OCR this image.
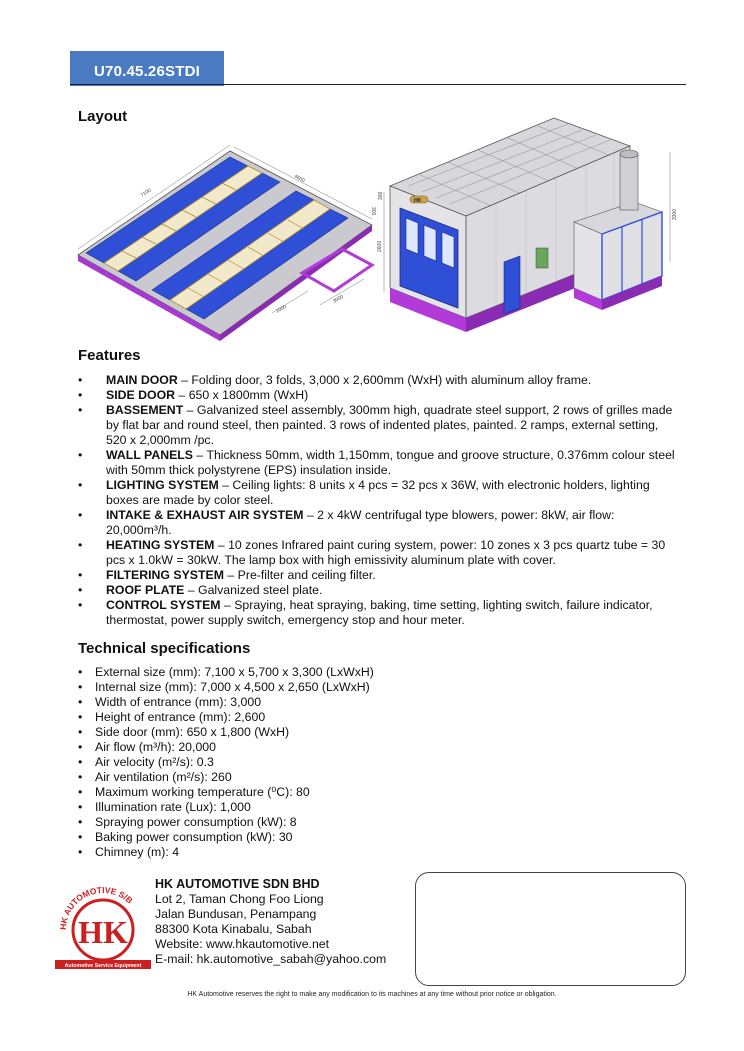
U70.45.26STDI
Layout
7100
4600
1000
3000
300
HK
2600
3300
300
Features
• MAIN DOOR – Folding door, 3 folds, 3,000 x 2,600mm (WxH) with aluminum alloy frame.
• SIDE DOOR – 650 x 1800mm (WxH)
• BASSEMENT – Galvanized steel assembly, 300mm high, quadrate steel support, 2 rows of grilles made by flat bar and round steel, then painted. 3 rows of indented plates, painted. 2 ramps, external setting, 520 x 2,000mm /pc.
• WALL PANELS – Thickness 50mm, width 1,150mm, tongue and groove structure, 0.376mm colour steel with 50mm thick polystyrene (EPS) insulation inside.
• LIGHTING SYSTEM – Ceiling lights: 8 units x 4 pcs = 32 pcs x 36W, with electronic holders, lighting boxes are made by color steel.
• INTAKE & EXHAUST AIR SYSTEM – 2 x 4kW centrifugal type blowers, power: 8kW, air flow: 20,000m³/h.
• HEATING SYSTEM – 10 zones Infrared paint curing system, power: 10 zones x 3 pcs quartz tube = 30 pcs x 1.0kW = 30kW. The lamp box with high emissivity aluminum plate with cover.
• FILTERING SYSTEM – Pre-filter and ceiling filter.
• ROOF PLATE – Galvanized steel plate.
• CONTROL SYSTEM – Spraying, heat spraying, baking, time setting, lighting switch, failure indicator, thermostat, power supply switch, emergency stop and hour meter.
Technical specifications
• External size (mm): 7,100 x 5,700 x 3,300 (LxWxH)
• Internal size (mm): 7,000 x 4,500 x 2,650 (LxWxH)
• Width of entrance (mm): 3,000
• Height of entrance (mm): 2,600
• Side door (mm): 650 x 1,800 (WxH)
• Air flow (m³/h): 20,000
• Air velocity (m²/s): 0.3
• Air ventilation (m²/s): 260
• Maximum working temperature (⁰C): 80
• Illumination rate (Lux): 1,000
• Spraying power consumption (kW): 8
• Baking power consumption (kW): 30
• Chimney (m): 4
HK AUTOMOTIVE S/B
HK
Automotive Service Equipment
HK AUTOMOTIVE SDN BHD
Lot 2, Taman Chong Foo Liong
Jalan Bundusan, Penampang
88300 Kota Kinabalu, Sabah
Website: www.hkautomotive.net
E-mail: hk.automotive_sabah@yahoo.com
HK Automotive reserves the right to make any modification to its machines at any time without prior notice or obligation.
